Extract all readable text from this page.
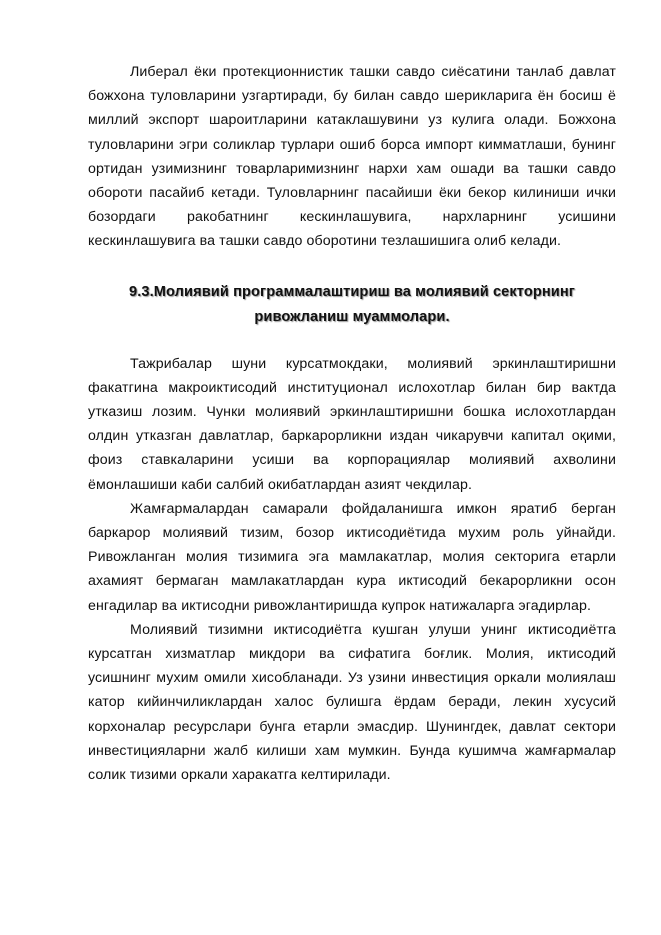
Либерал ёки протекционнистик ташки савдо сиёсатини танлаб давлат божхона туловларини узгартиради, бу билан савдо шерикларига ён босиш ё миллий экспорт шароитларини катаклашувини уз кулига олади. Божхона туловларини эгри соликлар турлари ошиб борса импорт кимматлаши, бунинг ортидан узимизнинг товарларимизнинг нархи хам ошади ва ташки савдо обороти пасайиб кетади. Туловларнинг пасайиши ёки бекор килиниши ички бозордаги ракобатнинг кескинлашувига, нархларнинг усишини кескинлашувига ва ташки савдо оборотини тезлашишига олиб келади.

9.3.Молиявий программалаштириш ва молиявий секторнинг ривожланиш муаммолари.

Тажрибалар шуни курсатмокдаки, молиявий эркинлаштиришни факатгина макроиктисодий институционал ислохотлар билан бир вактда утказиш лозим. Чунки молиявий эркинлаштиришни бошка ислохотлардан олдин утказган давлатлар, баркарорликни издан чикарувчи капитал оқими, фоиз ставкаларини усиши ва корпорациялар молиявий ахволини ёмонлашиши каби салбий окибатлардан азият чекдилар.

Жамғармалардан самарали фойдаланишга имкон яратиб берган баркарор молиявий тизим, бозор иктисодиётида мухим роль уйнайди. Ривожланган молия тизимига эга мамлакатлар, молия секторига етарли ахамият бермаган мамлакатлардан кура иктисодий бекарорликни осон енгадилар ва иктисодни ривожлантиришда купрок натижаларга эгадирлар.

Молиявий тизимни иктисодиётга кушган улуши унинг иктисодиётга курсатган хизматлар микдори ва сифатига боғлик. Молия, иктисодий усишнинг мухим омили хисобланади. Уз узини инвестиция оркали молиялаш катор кийинчиликлардан халос булишга ёрдам беради, лекин хусусий корхоналар ресурслари бунга етарли эмасдир. Шунингдек, давлат сектори инвестицияларни жалб килиши хам мумкин. Бунда кушимча жамғармалар солик тизими оркали харакатга келтирилади.
